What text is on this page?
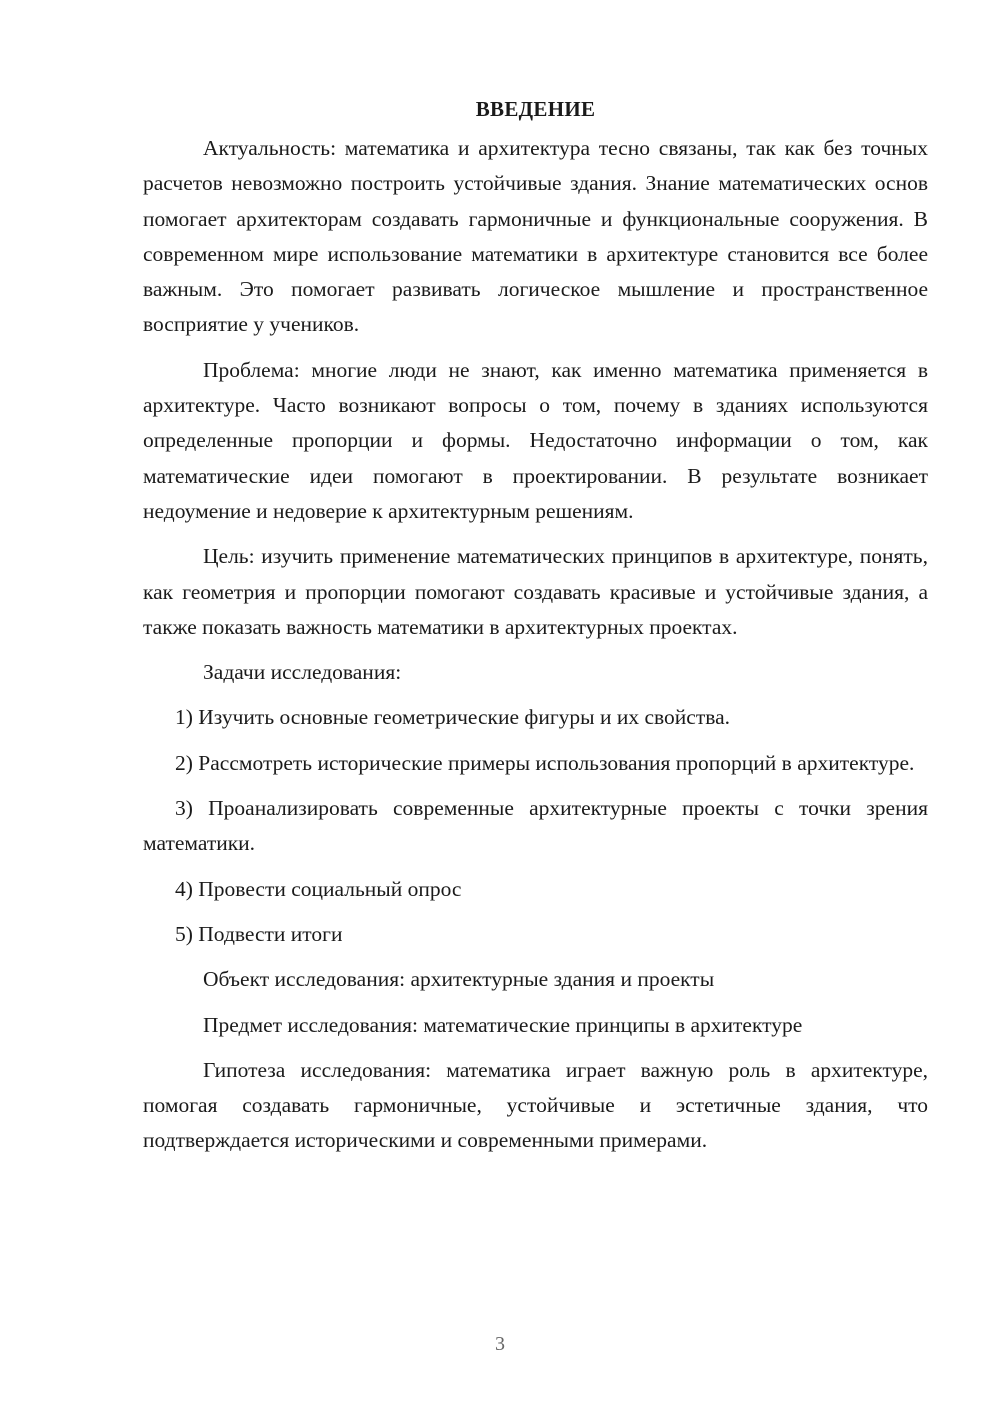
ВВЕДЕНИЕ

Актуальность: математика и архитектура тесно связаны, так как без точных расчетов невозможно построить устойчивые здания. Знание математических основ помогает архитекторам создавать гармоничные и функциональные сооружения. В современном мире использование математики в архитектуре становится все более важным. Это помогает развивать логическое мышление и пространственное восприятие у учеников.

Проблема: многие люди не знают, как именно математика применяется в архитектуре. Часто возникают вопросы о том, почему в зданиях используются определенные пропорции и формы. Недостаточно информации о том, как математические идеи помогают в проектировании. В результате возникает недоумение и недоверие к архитектурным решениям.

Цель: изучить применение математических принципов в архитектуре, понять, как геометрия и пропорции помогают создавать красивые и устойчивые здания, а также показать важность математики в архитектурных проектах.

Задачи исследования:

1) Изучить основные геометрические фигуры и их свойства.

2) Рассмотреть исторические примеры использования пропорций в архитектуре.

3) Проанализировать современные архитектурные проекты с точки зрения математики.

4) Провести социальный опрос

5) Подвести итоги

Объект исследования: архитектурные здания и проекты

Предмет исследования: математические принципы в архитектуре

Гипотеза исследования: математика играет важную роль в архитектуре, помогая создавать гармоничные, устойчивые и эстетичные здания, что подтверждается историческими и современными примерами.

3
